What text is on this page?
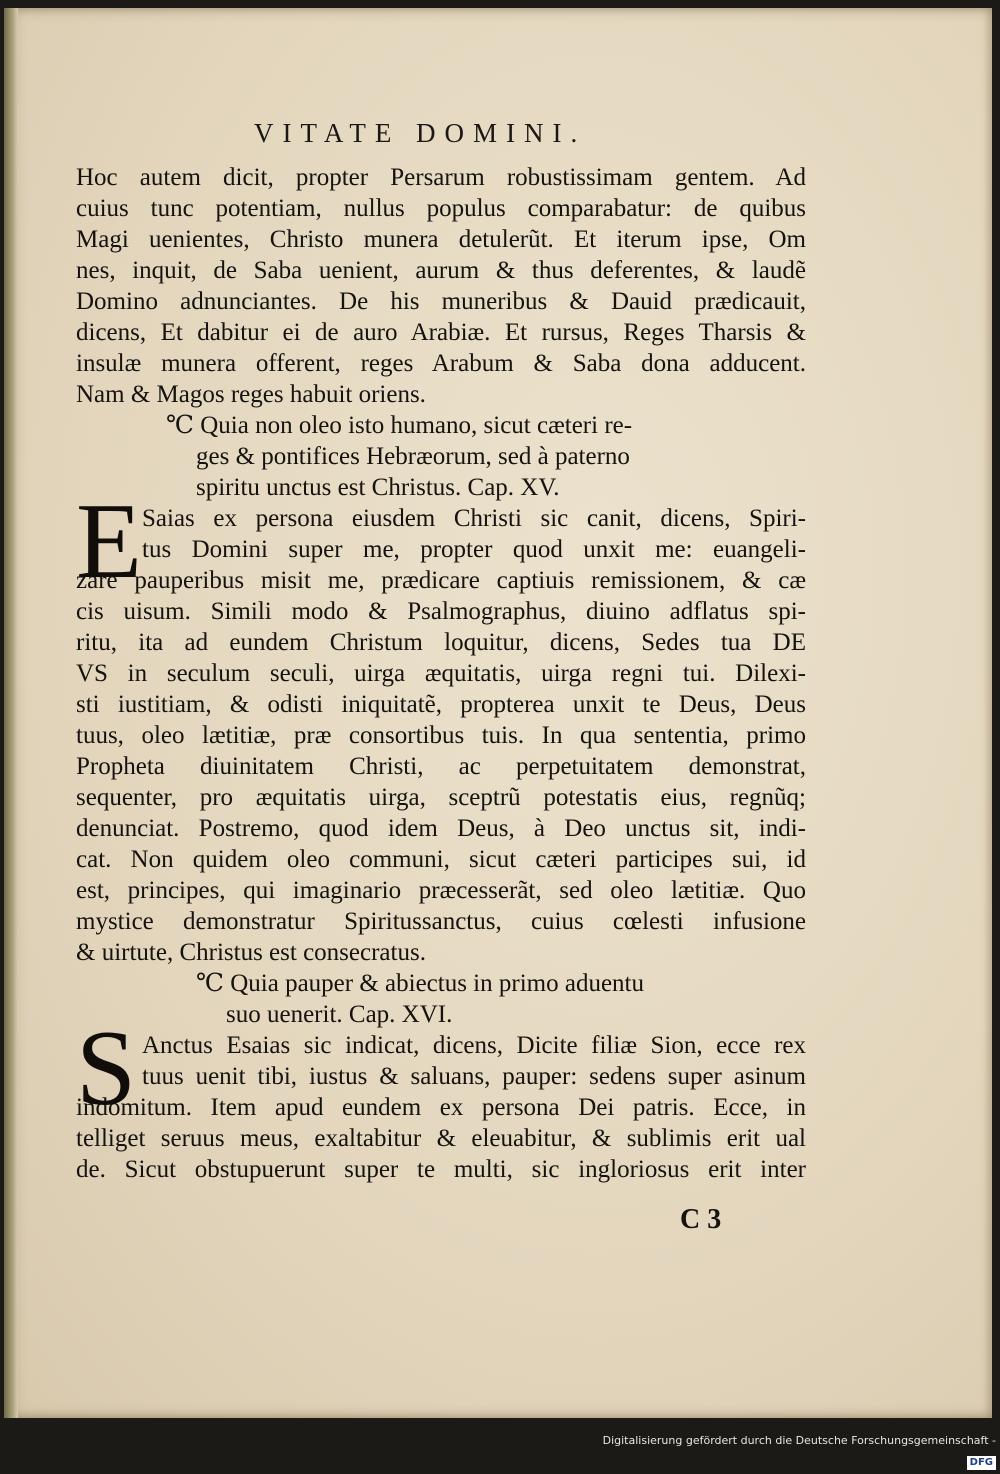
VITATE DOMINI.
Hoc autem dicit, propter Persarum robustissimam gentem. Ad
cuius tunc potentiam, nullus populus comparabatur: de quibus
Magi uenientes, Christo munera detulerũt. Et iterum ipse, Om
nes, inquit, de Saba uenient, aurum & thus deferentes, & laudẽ
Domino adnunciantes. De his muneribus & Dauid prædicauit,
dicens, Et dabitur ei de auro Arabiæ. Et rursus, Reges Tharsis &
insulæ munera offerent, reges Arabum & Saba dona adducent.
Nam & Magos reges habuit oriens.
℃ Quia non oleo isto humano, sicut cæteri re-
ges & pontifices Hebræorum, sed à paterno
spiritu unctus est Christus. Cap. XV.
Saias ex persona eiusdem Christi sic canit, dicens, Spiri-
tus Domini super me, propter quod unxit me: euangeli-
zare pauperibus misit me, prædicare captiuis remissionem, & cæ
cis uisum. Simili modo & Psalmographus, diuino adflatus spi-
ritu, ita ad eundem Christum loquitur, dicens, Sedes tua DE
VS in seculum seculi, uirga æquitatis, uirga regni tui. Dilexi-
sti iustitiam, & odisti iniquitatẽ, propterea unxit te Deus, Deus
tuus, oleo lætitiæ, præ consortibus tuis. In qua sententia, primo
Propheta diuinitatem Christi, ac perpetuitatem demonstrat,
sequenter, pro æquitatis uirga, sceptrũ potestatis eius, regnũq;
denunciat. Postremo, quod idem Deus, à Deo unctus sit, indi-
cat. Non quidem oleo communi, sicut cæteri participes sui, id
est, principes, qui imaginario præcesserãt, sed oleo lætitiæ. Quo
mystice demonstratur Spiritussanctus, cuius cœlesti infusione
& uirtute, Christus est consecratus.
℃ Quia pauper & abiectus in primo aduentu
suo uenerit. Cap. XVI.
Anctus Esaias sic indicat, dicens, Dicite filiæ Sion, ecce rex
tuus uenit tibi, iustus & saluans, pauper: sedens super asinum
indomitum. Item apud eundem ex persona Dei patris. Ecce, in
telliget seruus meus, exaltabitur & eleuabitur, & sublimis erit ual
de. Sicut obstupuerunt super te multi, sic ingloriosus erit inter
E
S
C 3
Digitalisierung gefördert durch die Deutsche Forschungsgemeinschaft -DFG
